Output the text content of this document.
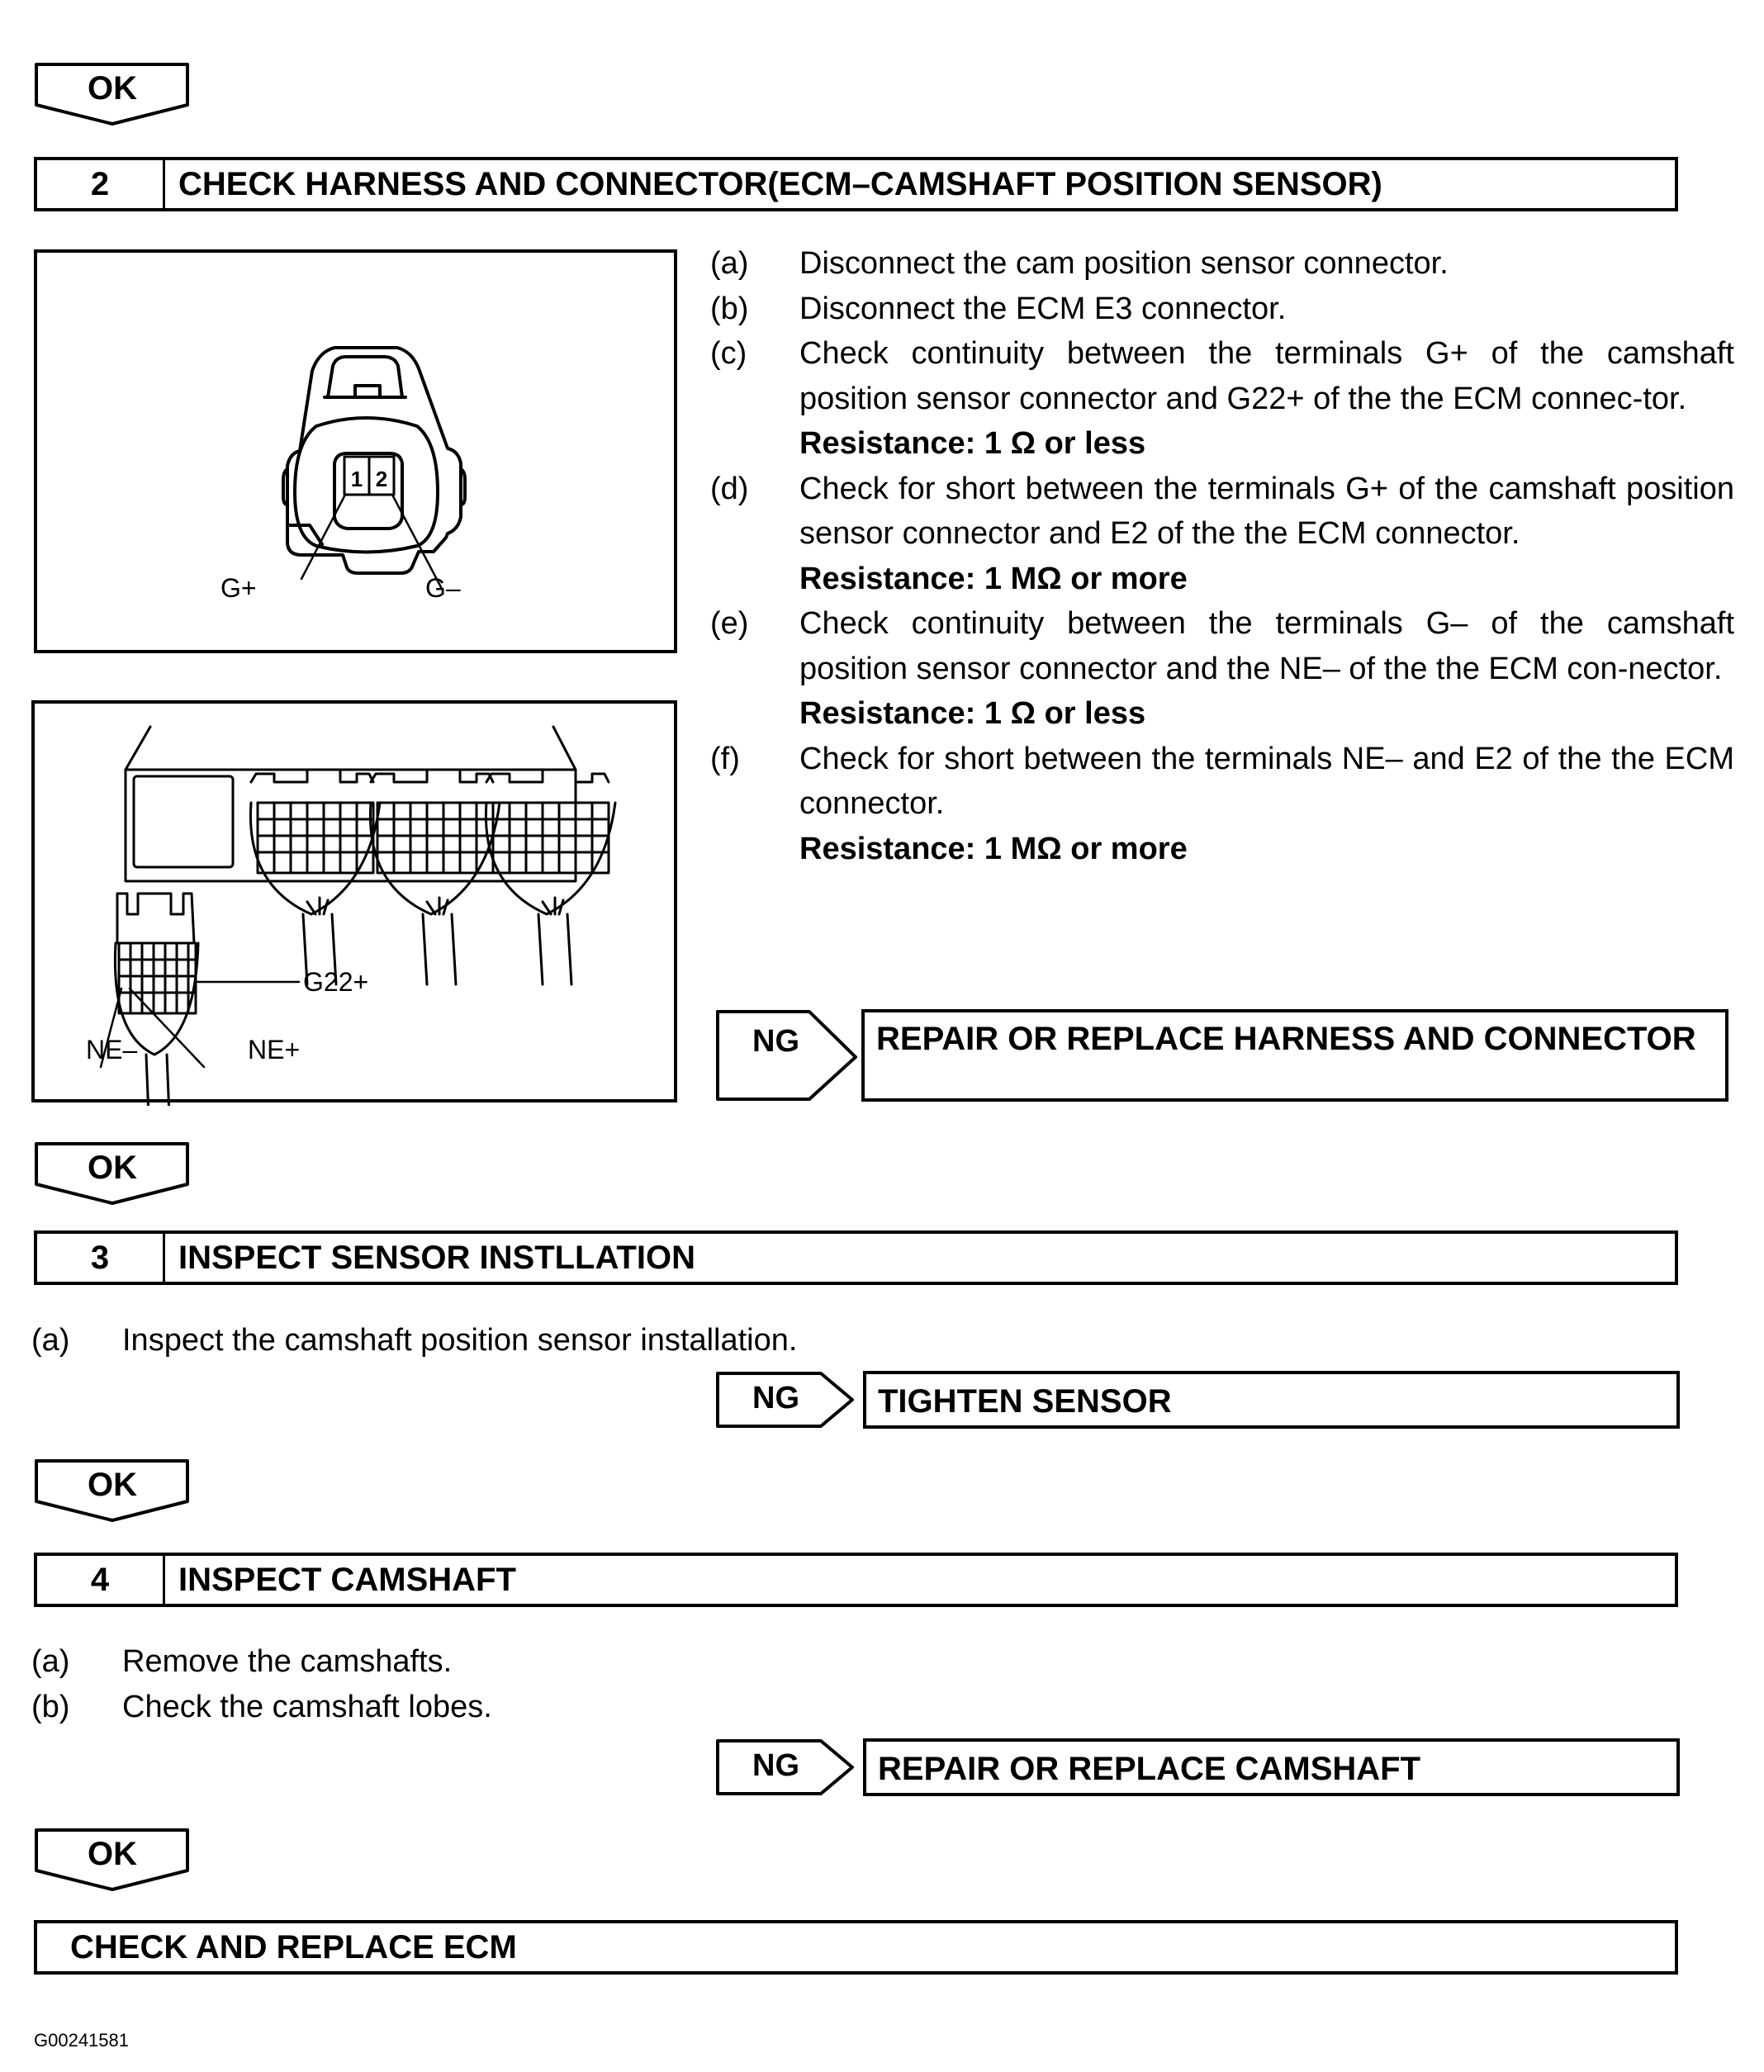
OK
2	CHECK HARNESS AND CONNECTOR(ECM–CAMSHAFT POSITION SENSOR)
1 2
G+	G–
G22+
NE–	NE+
(a)	Disconnect the cam position sensor connector.
(b)	Disconnect the ECM E3 connector.
(c)	Check continuity between the terminals G+ of the camshaft position sensor connector and G22+ of the the ECM connec-tor.
Resistance: 1 Ω or less
(d)	Check for short between the terminals G+ of the camshaft position sensor connector and E2 of the the ECM connector.
Resistance: 1 MΩ or more
(e)	Check continuity between the terminals G– of the camshaft position sensor connector and the NE– of the the ECM con-nector.
Resistance: 1 Ω or less
(f)	Check for short between the terminals NE– and E2 of the the ECM connector.
Resistance: 1 MΩ or more
NG	REPAIR OR REPLACE HARNESS AND CONNECTOR
OK
3	INSPECT SENSOR INSTLLATION
(a)	Inspect the camshaft position sensor installation.
NG	TIGHTEN SENSOR
OK
4	INSPECT CAMSHAFT
(a)	Remove the camshafts.
(b)	Check the camshaft lobes.
NG	REPAIR OR REPLACE CAMSHAFT
OK
CHECK AND REPLACE ECM
G00241581
